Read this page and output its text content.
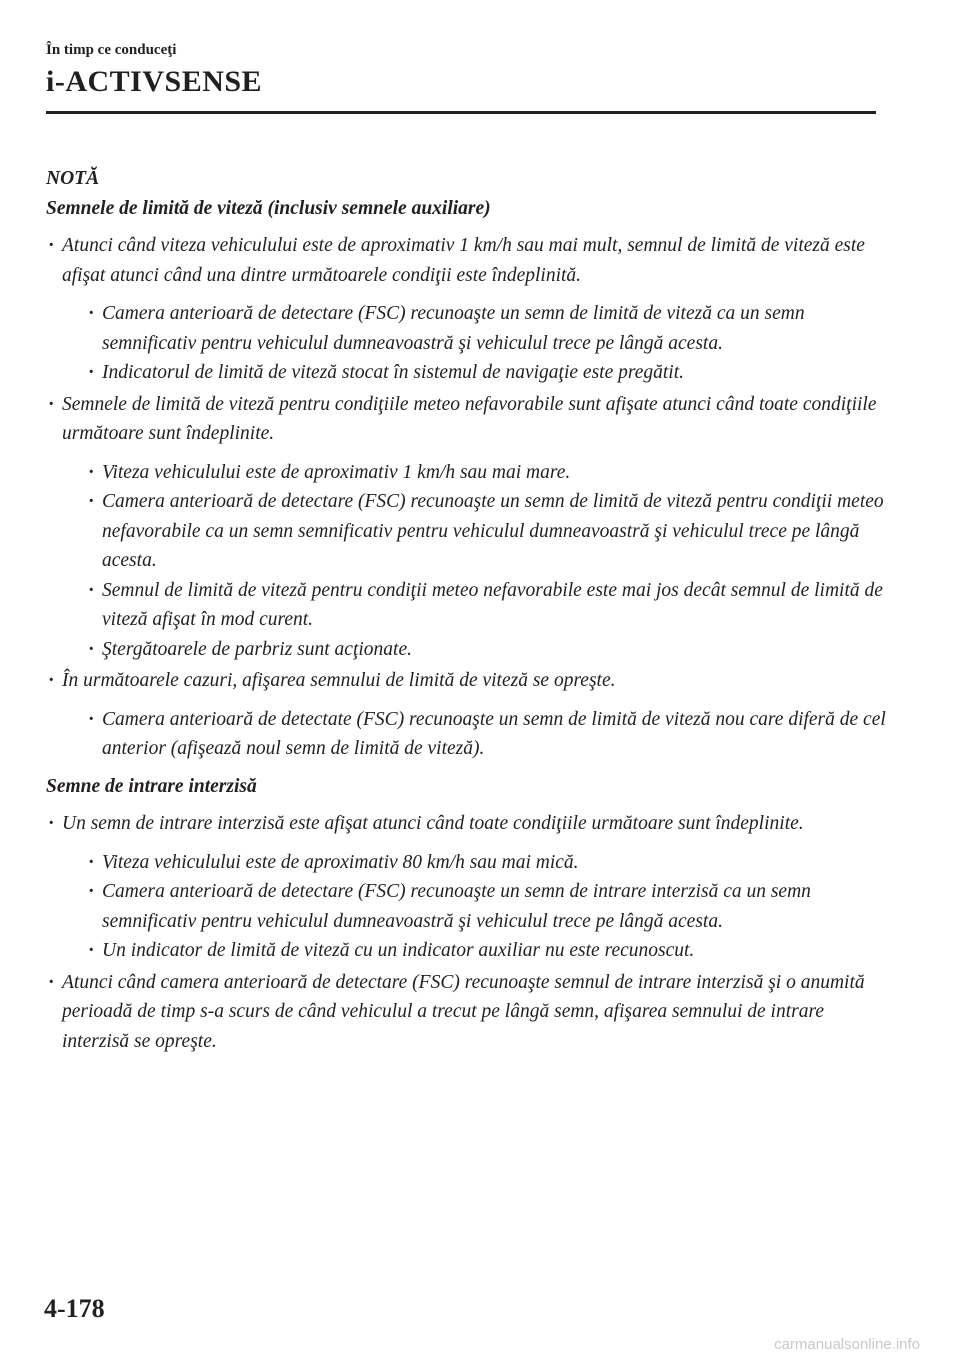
În timp ce conduceţi
i-ACTIVSENSE
NOTĂ
Semnele de limită de viteză (inclusiv semnele auxiliare)
· Atunci când viteza vehiculului este de aproximativ 1 km/h sau mai mult, semnul de limită de viteză este afişat atunci când una dintre următoarele condiţii este îndeplinită.
· Camera anterioară de detectare (FSC) recunoaşte un semn de limită de viteză ca un semn semnificativ pentru vehiculul dumneavoastră şi vehiculul trece pe lângă acesta.
· Indicatorul de limită de viteză stocat în sistemul de navigaţie este pregătit.
· Semnele de limită de viteză pentru condiţiile meteo nefavorabile sunt afişate atunci când toate condiţiile următoare sunt îndeplinite.
· Viteza vehiculului este de aproximativ 1 km/h sau mai mare.
· Camera anterioară de detectare (FSC) recunoaşte un semn de limită de viteză pentru condiţii meteo nefavorabile ca un semn semnificativ pentru vehiculul dumneavoastră şi vehiculul trece pe lângă acesta.
· Semnul de limită de viteză pentru condiţii meteo nefavorabile este mai jos decât semnul de limită de viteză afişat în mod curent.
· Ştergătoarele de parbriz sunt acţionate.
· În următoarele cazuri, afişarea semnului de limită de viteză se opreşte.
· Camera anterioară de detectate (FSC) recunoaşte un semn de limită de viteză nou care diferă de cel anterior (afişează noul semn de limită de viteză).
Semne de intrare interzisă
· Un semn de intrare interzisă este afişat atunci când toate condiţiile următoare sunt îndeplinite.
· Viteza vehiculului este de aproximativ 80 km/h sau mai mică.
· Camera anterioară de detectare (FSC) recunoaşte un semn de intrare interzisă ca un semn semnificativ pentru vehiculul dumneavoastră şi vehiculul trece pe lângă acesta.
· Un indicator de limită de viteză cu un indicator auxiliar nu este recunoscut.
· Atunci când camera anterioară de detectare (FSC) recunoaşte semnul de intrare interzisă şi o anumită perioadă de timp s-a scurs de când vehiculul a trecut pe lângă semn, afişarea semnului de intrare interzisă se opreşte.
4-178
carmanualsonline.info
